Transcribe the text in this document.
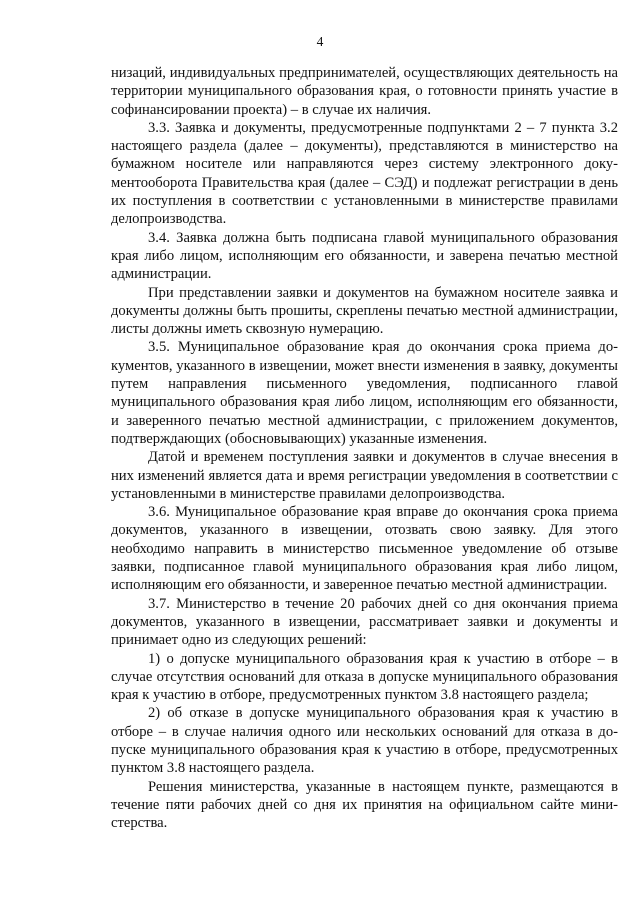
4

низаций, индивидуальных предпринимателей, осуществляющих деятельность на территории муниципального образования края, о готовности принять участие в софинансировании проекта) – в случае их наличия.

3.3. Заявка и документы, предусмотренные подпунктами 2 – 7 пункта 3.2 настоящего раздела (далее – документы), представляются в министерство на бумажном носителе или направляются через систему электронного документооборота Правительства края (далее – СЭД) и подлежат регистрации в день их поступления в соответствии с установленными в министерстве правилами делопроизводства.

3.4. Заявка должна быть подписана главой муниципального образования края либо лицом, исполняющим его обязанности, и заверена печатью местной администрации.

При представлении заявки и документов на бумажном носителе заявка и документы должны быть прошиты, скреплены печатью местной администрации, листы должны иметь сквозную нумерацию.

3.5. Муниципальное образование края до окончания срока приема документов, указанного в извещении, может внести изменения в заявку, документы путем направления письменного уведомления, подписанного главой муниципального образования края либо лицом, исполняющим его обязанности, и заверенного печатью местной администрации, с приложением документов, подтверждающих (обосновывающих) указанные изменения.

Датой и временем поступления заявки и документов в случае внесения в них изменений является дата и время регистрации уведомления в соответствии с установленными в министерстве правилами делопроизводства.

3.6. Муниципальное образование края вправе до окончания срока приема документов, указанного в извещении, отозвать свою заявку. Для этого необходимо направить в министерство письменное уведомление об отзыве заявки, подписанное главой муниципального образования края либо лицом, исполняющим его обязанности, и заверенное печатью местной администрации.

3.7. Министерство в течение 20 рабочих дней со дня окончания приема документов, указанного в извещении, рассматривает заявки и документы и принимает одно из следующих решений:

1) о допуске муниципального образования края к участию в отборе – в случае отсутствия оснований для отказа в допуске муниципального образования края к участию в отборе, предусмотренных пунктом 3.8 настоящего раздела;

2) об отказе в допуске муниципального образования края к участию в отборе – в случае наличия одного или нескольких оснований для отказа в допуске муниципального образования края к участию в отборе, предусмотренных пунктом 3.8 настоящего раздела.

Решения министерства, указанные в настоящем пункте, размещаются в течение пяти рабочих дней со дня их принятия на официальном сайте министерства.
